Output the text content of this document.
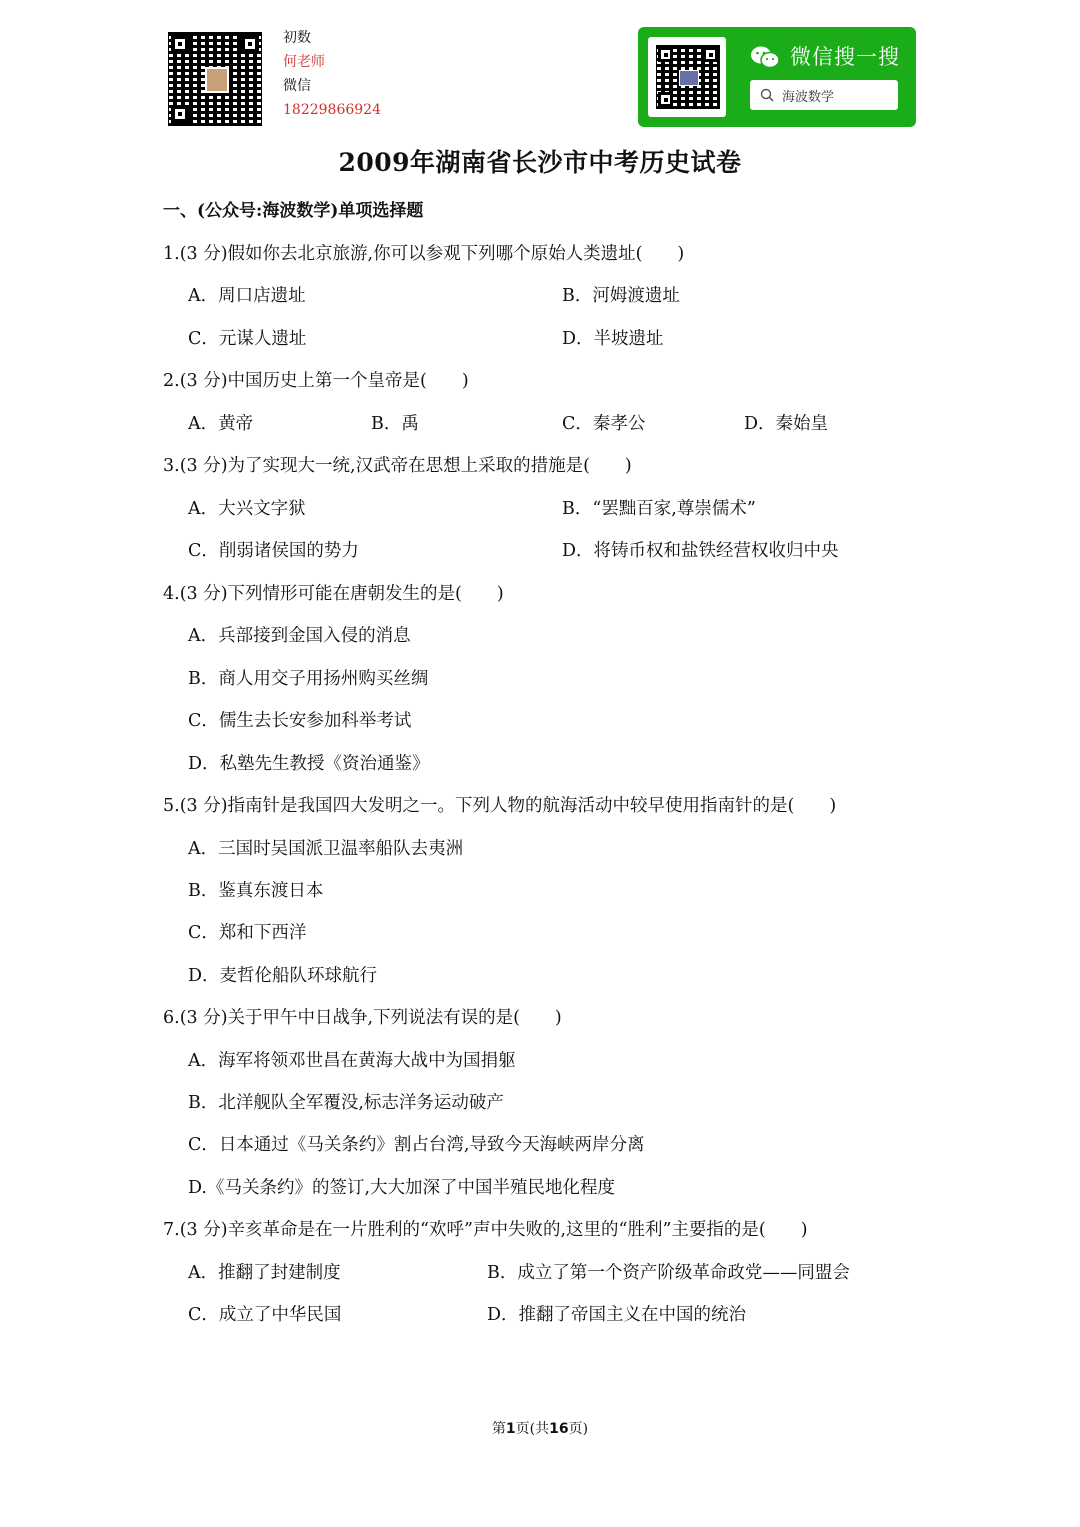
初数
何老师
微信
18229866924
微信搜一搜
海波数学
2009年湖南省长沙市中考历史试卷
一、(公众号:海波数学)单项选择题
1.(3 分)假如你去北京旅游,你可以参观下列哪个原始人类遗址(　　)
A．周口店遗址	B．河姆渡遗址
C．元谋人遗址	D．半坡遗址
2.(3 分)中国历史上第一个皇帝是(　　)
A．黄帝	B．禹	C．秦孝公	D．秦始皇
3.(3 分)为了实现大一统,汉武帝在思想上采取的措施是(　　)
A．大兴文字狱	B．“罢黜百家,尊崇儒术”
C．削弱诸侯国的势力	D．将铸币权和盐铁经营权收归中央
4.(3 分)下列情形可能在唐朝发生的是(　　)
A．兵部接到金国入侵的消息
B．商人用交子用扬州购买丝绸
C．儒生去长安参加科举考试
D．私塾先生教授《资治通鉴》
5.(3 分)指南针是我国四大发明之一。下列人物的航海活动中较早使用指南针的是(　　)
A．三国时吴国派卫温率船队去夷洲
B．鉴真东渡日本
C．郑和下西洋
D．麦哲伦船队环球航行
6.(3 分)关于甲午中日战争,下列说法有误的是(　　)
A．海军将领邓世昌在黄海大战中为国捐躯
B．北洋舰队全军覆没,标志洋务运动破产
C．日本通过《马关条约》割占台湾,导致今天海峡两岸分离
D.《马关条约》的签订,大大加深了中国半殖民地化程度
7.(3 分)辛亥革命是在一片胜利的“欢呼”声中失败的,这里的“胜利”主要指的是(　　)
A．推翻了封建制度	B．成立了第一个资产阶级革命政党——同盟会
C．成立了中华民国	D．推翻了帝国主义在中国的统治
第1页(共16页)
